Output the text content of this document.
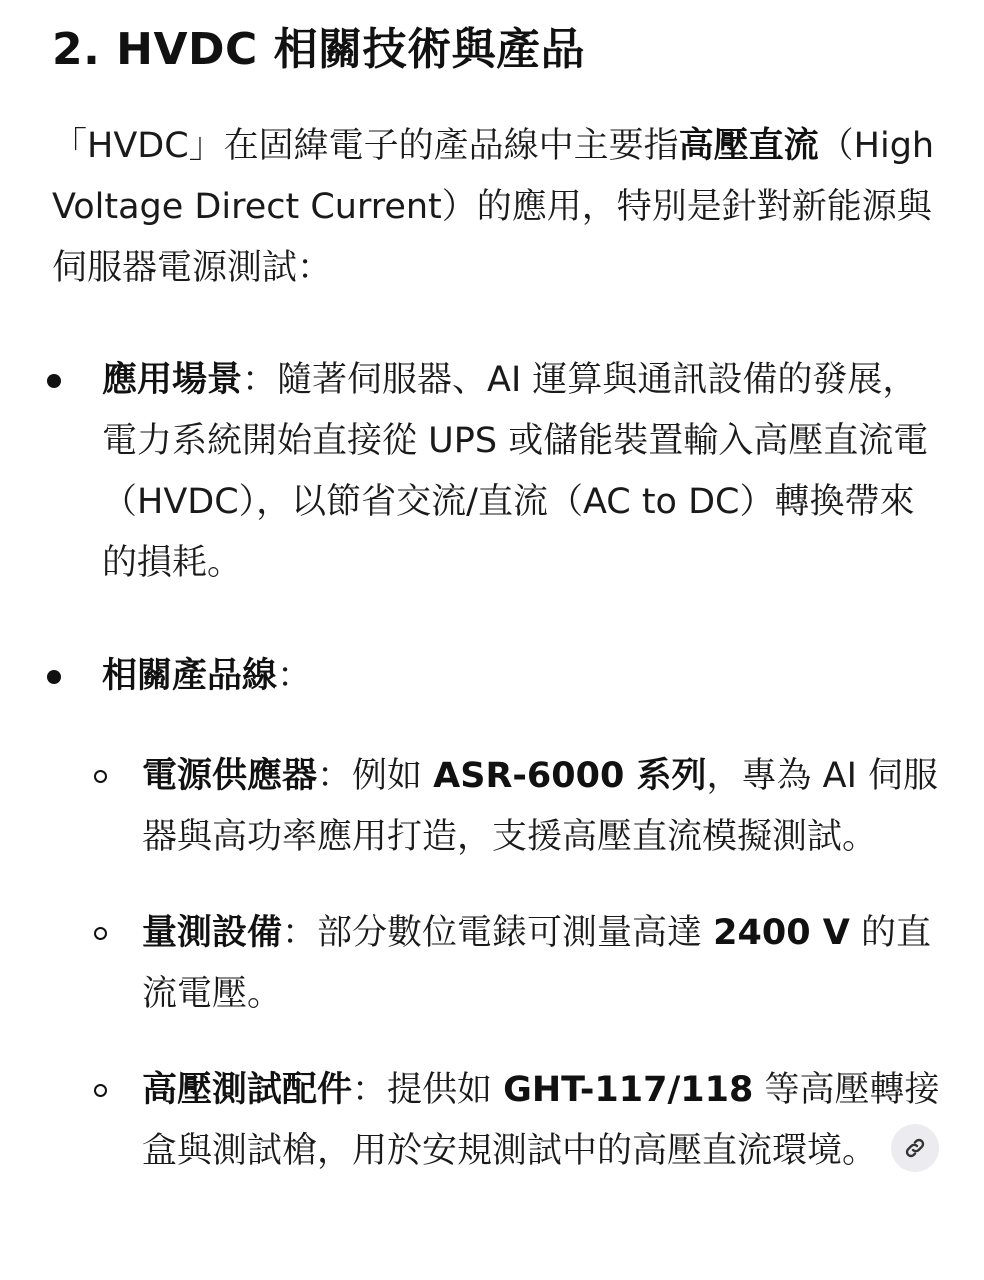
2. HVDC 相關技術與產品

「HVDC」在固緯電子的產品線中主要指高壓直流（High Voltage Direct Current）的應用，特別是針對新能源與伺服器電源測試：

應用場景：隨著伺服器、AI 運算與通訊設備的發展，電力系統開始直接從 UPS 或儲能裝置輸入高壓直流電（HVDC），以節省交流/直流（AC to DC）轉換帶來的損耗。
相關產品線：
電源供應器：例如 ASR-6000 系列，專為 AI 伺服器與高功率應用打造，支援高壓直流模擬測試。
量測設備：部分數位電錶可測量高達 2400 V 的直流電壓。
高壓測試配件：提供如 GHT-117/118 等高壓轉接盒與測試槍，用於安規測試中的高壓直流環境。
